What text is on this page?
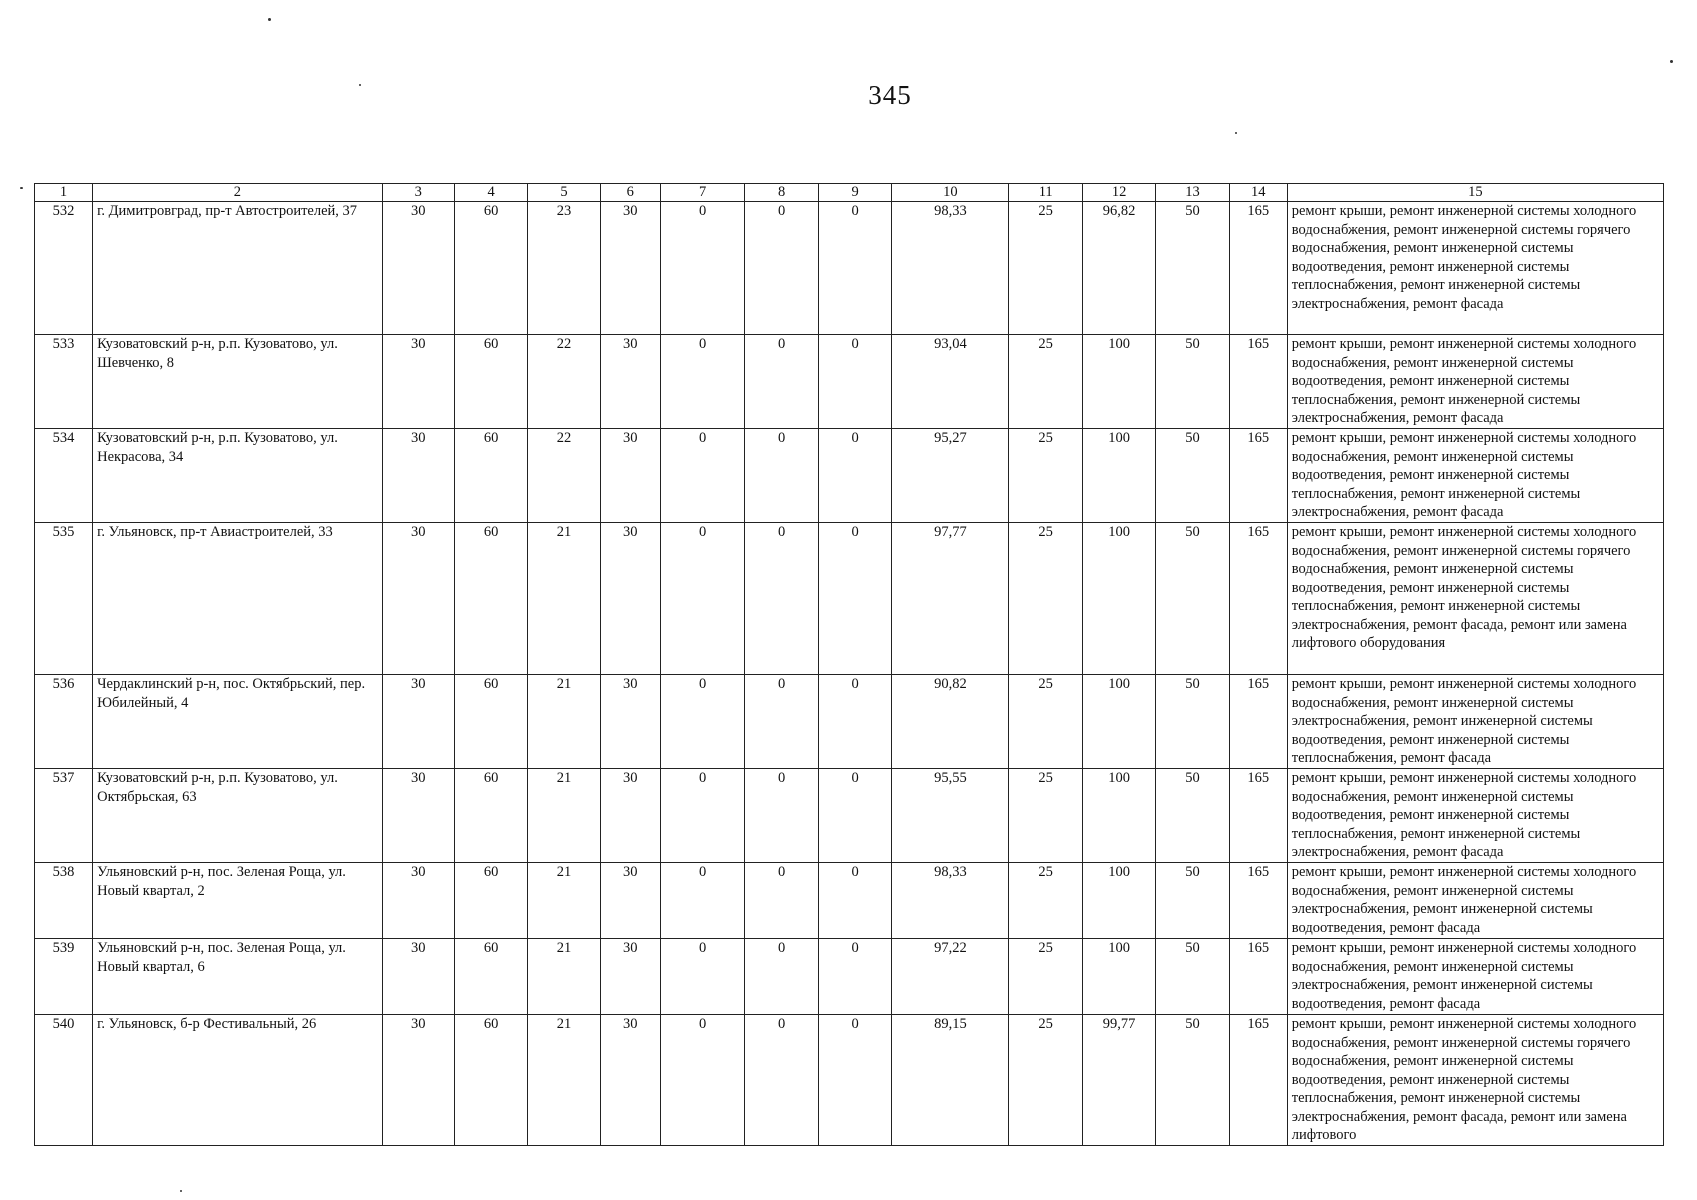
345
1	2	3	4	5	6	7	8	9	10	11	12	13	14	15
532	г. Димитровград, пр-т Автостроителей, 37	30	60	23	30	0	0	0	98,33	25	96,82	50	165	ремонт крыши, ремонт инженерной системы холодного водоснабжения, ремонт инженерной системы горячего водоснабжения, ремонт инженерной системы водоотведения, ремонт инженерной системы теплоснабжения, ремонт инженерной системы электроснабжения, ремонт фасада
533	Кузоватовский р-н, р.п. Кузоватово, ул. Шевченко, 8	30	60	22	30	0	0	0	93,04	25	100	50	165	ремонт крыши, ремонт инженерной системы холодного водоснабжения, ремонт инженерной системы водоотведения, ремонт инженерной системы теплоснабжения, ремонт инженерной системы электроснабжения, ремонт фасада
534	Кузоватовский р-н, р.п. Кузоватово, ул. Некрасова, 34	30	60	22	30	0	0	0	95,27	25	100	50	165	ремонт крыши, ремонт инженерной системы холодного водоснабжения, ремонт инженерной системы водоотведения, ремонт инженерной системы теплоснабжения, ремонт инженерной системы электроснабжения, ремонт фасада
535	г. Ульяновск, пр-т Авиастроителей, 33	30	60	21	30	0	0	0	97,77	25	100	50	165	ремонт крыши, ремонт инженерной системы холодного водоснабжения, ремонт инженерной системы горячего водоснабжения, ремонт инженерной системы водоотведения, ремонт инженерной системы теплоснабжения, ремонт инженерной системы электроснабжения, ремонт фасада, ремонт или замена лифтового оборудования
536	Чердаклинский р-н, пос. Октябрьский, пер. Юбилейный, 4	30	60	21	30	0	0	0	90,82	25	100	50	165	ремонт крыши, ремонт инженерной системы холодного водоснабжения, ремонт инженерной системы электроснабжения, ремонт инженерной системы водоотведения, ремонт инженерной системы теплоснабжения, ремонт фасада
537	Кузоватовский р-н, р.п. Кузоватово, ул. Октябрьская, 63	30	60	21	30	0	0	0	95,55	25	100	50	165	ремонт крыши, ремонт инженерной системы холодного водоснабжения, ремонт инженерной системы водоотведения, ремонт инженерной системы теплоснабжения, ремонт инженерной системы электроснабжения, ремонт фасада
538	Ульяновский р-н, пос. Зеленая Роща, ул. Новый квартал, 2	30	60	21	30	0	0	0	98,33	25	100	50	165	ремонт крыши, ремонт инженерной системы холодного водоснабжения, ремонт инженерной системы электроснабжения, ремонт инженерной системы водоотведения, ремонт фасада
539	Ульяновский р-н, пос. Зеленая Роща, ул. Новый квартал, 6	30	60	21	30	0	0	0	97,22	25	100	50	165	ремонт крыши, ремонт инженерной системы холодного водоснабжения, ремонт инженерной системы электроснабжения, ремонт инженерной системы водоотведения, ремонт фасада
540	г. Ульяновск, б-р Фестивальный, 26	30	60	21	30	0	0	0	89,15	25	99,77	50	165	ремонт крыши, ремонт инженерной системы холодного водоснабжения, ремонт инженерной системы горячего водоснабжения, ремонт инженерной системы водоотведения, ремонт инженерной системы теплоснабжения, ремонт инженерной системы электроснабжения, ремонт фасада, ремонт или замена лифтового
